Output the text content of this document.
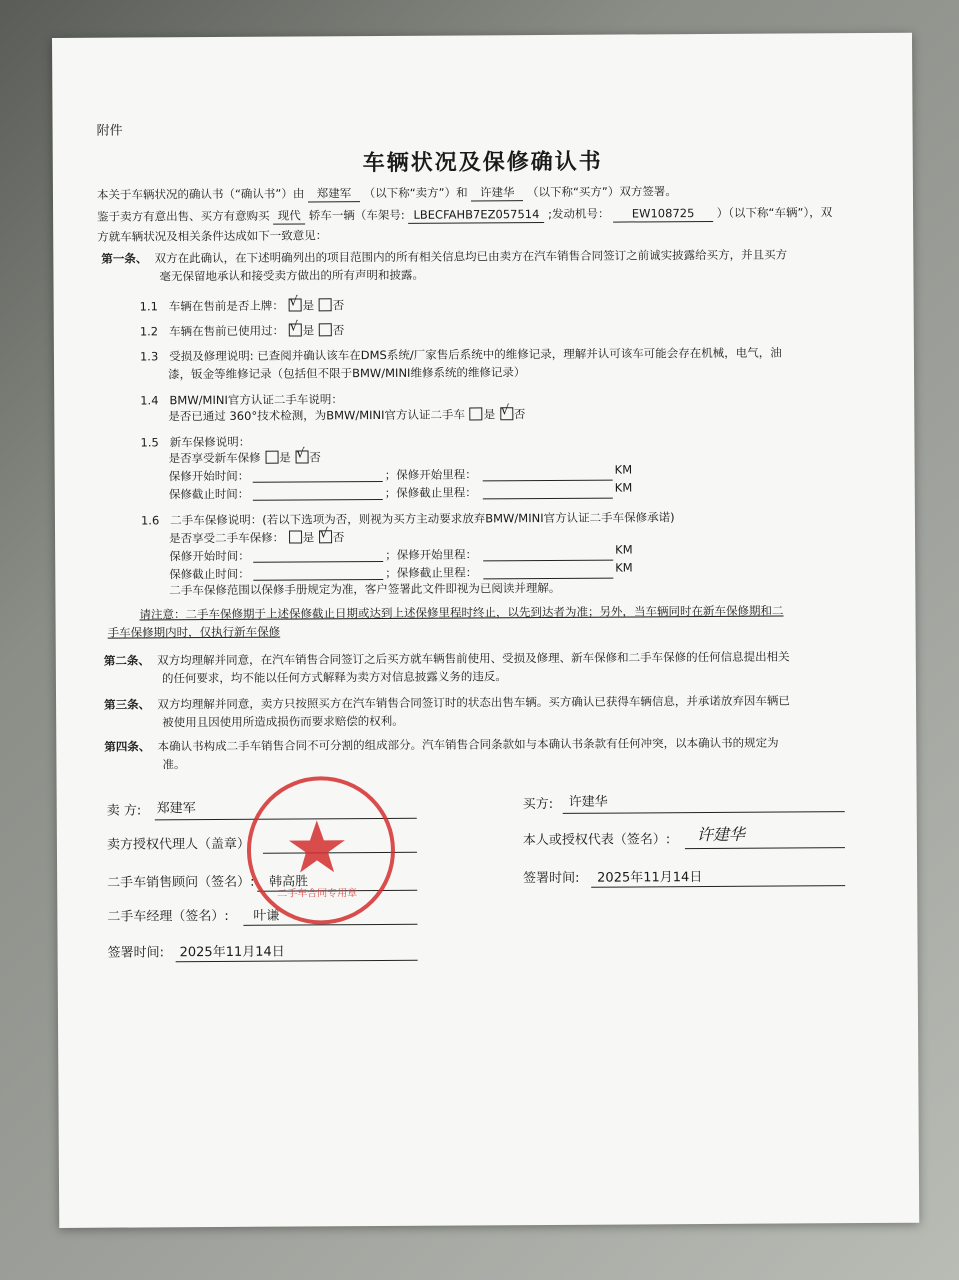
附件
车辆状况及保修确认书
本关于车辆状况的确认书（“确认书”）由 郑建军 （以下称“卖方”）和 许建华 （以下称“买方”）双方签署。
鉴于卖方有意出售、买方有意购买 现代 轿车一辆（车架号: LBECFAHB7EZ057514 ;发动机号： EW108725 ）（以下称“车辆”），双
方就车辆状况及相关条件达成如下一致意见：
第一条、 双方在此确认，在下述明确列出的项目范围内的所有相关信息均已由卖方在汽车销售合同签订之前诚实披露给买方，并且买方
毫无保留地承认和接受卖方做出的所有声明和披露。
1.1 车辆在售前是否上牌： √ 是 否
1.2 车辆在售前已使用过： √ 是 否
1.3 受损及修理说明: 已查阅并确认该车在DMS系统/厂家售后系统中的维修记录，理解并认可该车可能会存在机械，电气，油
漆，钣金等维修记录（包括但不限于BMW/MINI维修系统的维修记录）
1.4 BMW/MINI官方认证二手车说明：
是否已通过 360°技术检测，为BMW/MINI官方认证二手车 是 √ 否
1.5 新车保修说明：
是否享受新车保修 是 √ 否
保修开始时间：	；保修开始里程：	KM
保修截止时间：	；保修截止里程：	KM
1.6 二手车保修说明：(若以下选项为否，则视为买方主动要求放弃BMW/MINI官方认证二手车保修承诺)
是否享受二手车保修： 是 √ 否
保修开始时间：	；保修开始里程：	KM
保修截止时间：	；保修截止里程：	KM
二手车保修范围以保修手册规定为准，客户签署此文件即视为已阅读并理解。
请注意：二手车保修期于上述保修截止日期或达到上述保修里程时终止，以先到达者为准；另外，当车辆同时在新车保修期和二
手车保修期内时，仅执行新车保修
第二条、 双方均理解并同意，在汽车销售合同签订之后买方就车辆售前使用、受损及修理、新车保修和二手车保修的任何信息提出相关
的任何要求，均不能以任何方式解释为卖方对信息披露义务的违反。
第三条、 双方均理解并同意，卖方只按照买方在汽车销售合同签订时的状态出售车辆。买方确认已获得车辆信息，并承诺放弃因车辆已
被使用且因使用所造成损伤而要求赔偿的权利。
第四条、 本确认书构成二手车销售合同不可分割的组成部分。汽车销售合同条款如与本确认书条款有任何冲突，以本确认书的规定为
准。
卖 方: 郑建军
卖方授权代理人（盖章）
二手车销售顾问（签名）: 韩高胜
二手车经理（签名）: 叶谦
签署时间: 2025年11月14日
买方: 许建华
本人或授权代表（签名）: 许建华
签署时间: 2025年11月14日
二手车合同专用章
